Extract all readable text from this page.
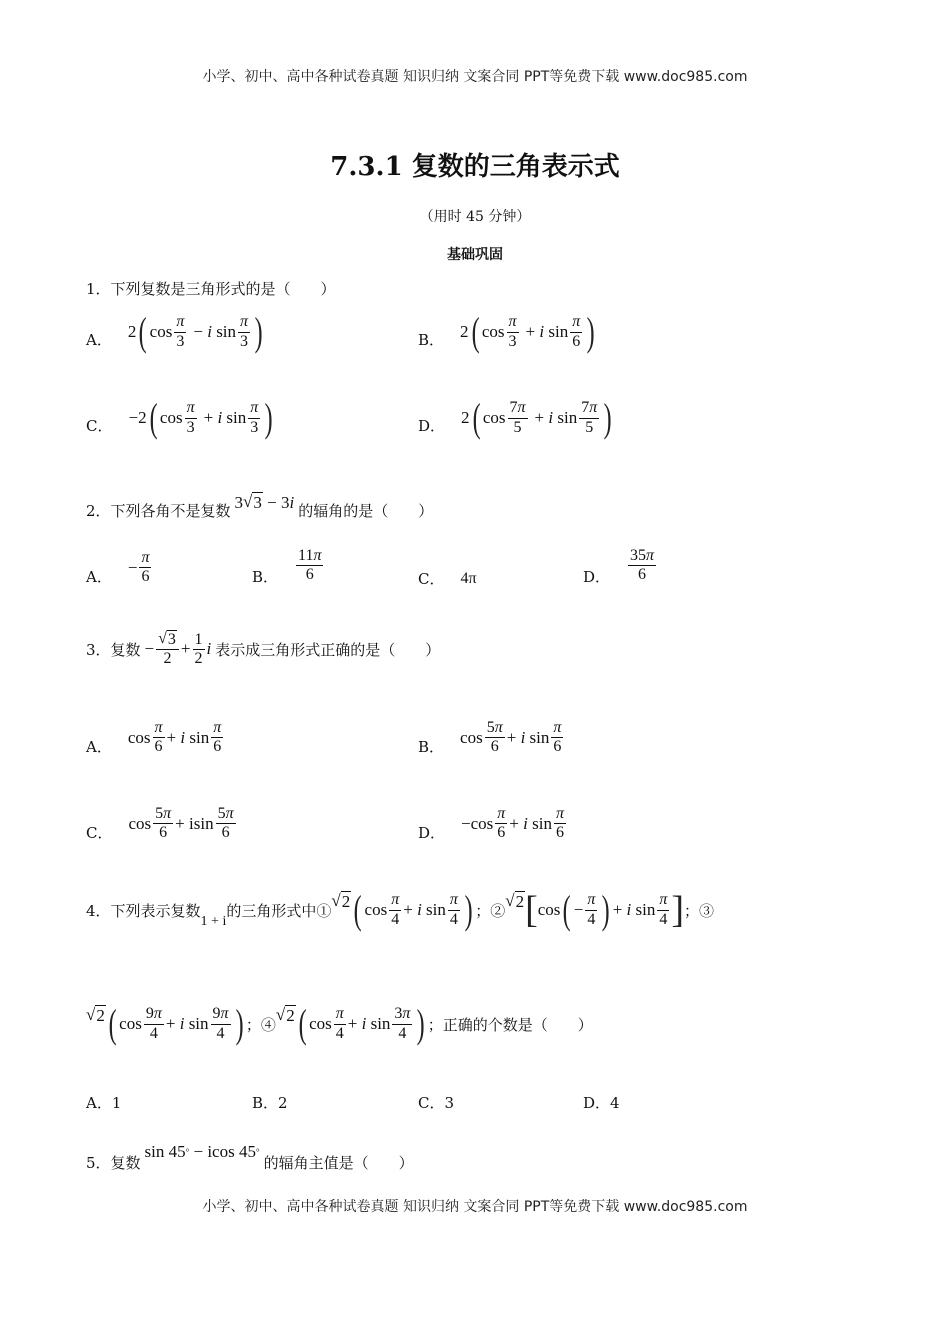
小学、初中、高中各种试卷真题 知识归纳 文案合同 PPT等免费下载 www.doc985.com
7.3.1 复数的三角表示式
（用时 45 分钟）
基础巩固
1．下列复数是三角形式的是（　　）
A． 2 ( $\cos \frac{\pi}{3} - i$ $\sin \frac{\pi}{3}$ )	B． 2 ( $\cos \frac{\pi}{3} + i$ $\sin \frac{\pi}{6}$ )
C． −2 ( $\cos \frac{\pi}{3} + i$ $\sin \frac{\pi}{3}$ )	D． 2 ( $\cos \frac{7\pi}{5} + i$ $\sin \frac{7\pi}{5}$ )
2．下列各角不是复数 3 √ 3 − 3 i 的辐角的是（　　）
A．
− $\frac{\pi}{6}$	B． $\frac{11\pi}{6}$	C． 4π	D． $\frac{35\pi}{6}$
3．复数 − $\frac{√ 3}{2} + \frac{1}{2}$ i 表示成三角形式正确的是（　　）
A．
$\cos \frac{\pi}{6} + i$ $\sin \frac{\pi}{6}$	B．
$\cos \frac{5\pi}{6} + i$ $\sin \frac{\pi}{6}$
C．
$\cos \frac{5\pi}{6} + isin \frac{5\pi}{6}$	D．
$-\cos \frac{\pi}{6} + i$ $\sin \frac{\pi}{6}$
4．下列表示复数
1 + i
的三角形式中①
√ 2 ( $\cos \frac{\pi}{4} + i$ $\sin \frac{\pi}{4}$ ) ；②
√ 2 [ cos ( − $\frac{\pi}{4}$ ) + i $\sin \frac{\pi}{4}$ ] ；③
√ 2 ( $\cos \frac{9\pi}{4} + i$ $\sin \frac{9\pi}{4}$ ) ；④
√ 2 ( $\cos \frac{\pi}{4} + i$ $\sin \frac{3\pi}{4}$ ) ；正确的个数是（　　）
A． 1	B． 2	C． 3	D． 4
5．复数
sin 45 ° − icos 45 °
的辐角主值是（　　）
小学、初中、高中各种试卷真题 知识归纳 文案合同 PPT等免费下载 www.doc985.com
